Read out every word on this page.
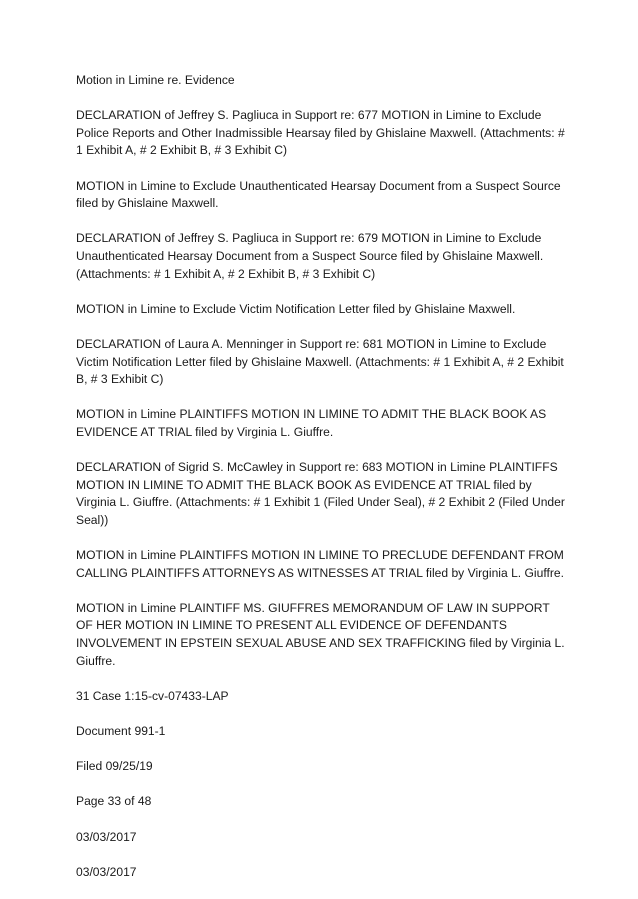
Motion in Limine re. Evidence

DECLARATION of Jeffrey S. Pagliuca in Support re: 677 MOTION in Limine to Exclude Police Reports and Other Inadmissible Hearsay filed by Ghislaine Maxwell. (Attachments: # 1 Exhibit A, # 2 Exhibit B, # 3 Exhibit C)

MOTION in Limine to Exclude Unauthenticated Hearsay Document from a Suspect Source filed by Ghislaine Maxwell.

DECLARATION of Jeffrey S. Pagliuca in Support re: 679 MOTION in Limine to Exclude Unauthenticated Hearsay Document from a Suspect Source filed by Ghislaine Maxwell. (Attachments: # 1 Exhibit A, # 2 Exhibit B, # 3 Exhibit C)

MOTION in Limine to Exclude Victim Notification Letter filed by Ghislaine Maxwell.

DECLARATION of Laura A. Menninger in Support re: 681 MOTION in Limine to Exclude Victim Notification Letter filed by Ghislaine Maxwell. (Attachments: # 1 Exhibit A, # 2 Exhibit B, # 3 Exhibit C)

MOTION in Limine PLAINTIFFS MOTION IN LIMINE TO ADMIT THE BLACK BOOK AS EVIDENCE AT TRIAL filed by Virginia L. Giuffre.

DECLARATION of Sigrid S. McCawley in Support re: 683 MOTION in Limine PLAINTIFFS MOTION IN LIMINE TO ADMIT THE BLACK BOOK AS EVIDENCE AT TRIAL filed by Virginia L. Giuffre. (Attachments: # 1 Exhibit 1 (Filed Under Seal), # 2 Exhibit 2 (Filed Under Seal))

MOTION in Limine PLAINTIFFS MOTION IN LIMINE TO PRECLUDE DEFENDANT FROM CALLING PLAINTIFFS ATTORNEYS AS WITNESSES AT TRIAL filed by Virginia L. Giuffre.

MOTION in Limine PLAINTIFF MS. GIUFFRES MEMORANDUM OF LAW IN SUPPORT OF HER MOTION IN LIMINE TO PRESENT ALL EVIDENCE OF DEFENDANTS INVOLVEMENT IN EPSTEIN SEXUAL ABUSE AND SEX TRAFFICKING filed by Virginia L. Giuffre.

31 Case 1:15-cv-07433-LAP

Document 991-1

Filed 09/25/19

Page 33 of 48

03/03/2017

03/03/2017
